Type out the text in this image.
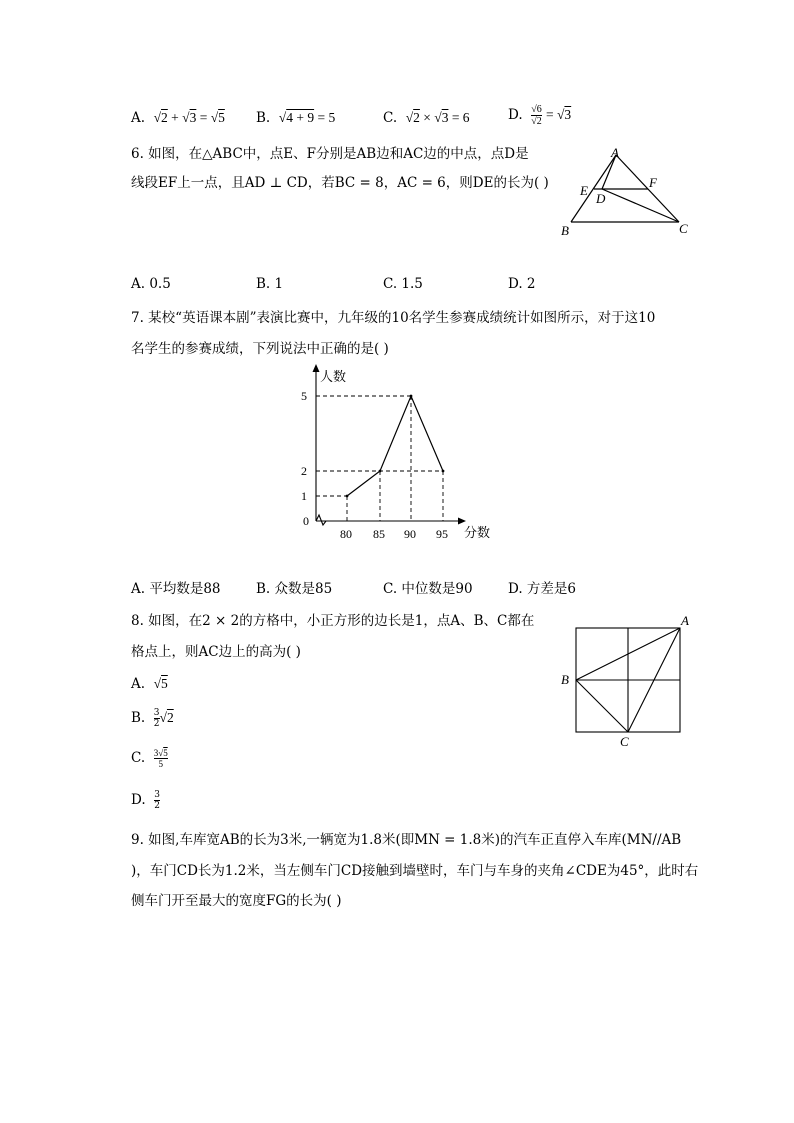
A.  √2 + √3 = √5 B.  √4 + 9 = 5	C.  √2 × √3 = 6	D. $\frac{√6}{√2} = √3$
6. 如图，在△ABC中，点E、F分别是AB边和AC边的中点，点D是
线段EF上一点，且AD ⊥ CD，若BC = 8，AC = 6，则DE的长为( )
A
B	C
D
E
F
A. 0.5	B. 1	C. 1.5	D. 2
7. 某校“英语课本剧”表演比赛中，九年级的10名学生参赛成绩统计如图所示，对于这10
名学生的参赛成绩，下列说法中正确的是( )
80 85 90 95
1
2
5
人数
分数
0
A. 平均数是88	B. 众数是85	C. 中位数是90	D. 方差是6
8. 如图，在2 × 2的方格中，小正方形的边长是1，点A、B、C都在
格点上，则AC边上的高为( )
A.  √5
B. $\frac{3}{2} √2$
C. $\frac{3√5}{5}$
D. $\frac{3}{2}$
A
B
C
9. 如图,车库宽AB的长为3米,一辆宽为1.8米(即MN = 1.8米)的汽车正直停入车库(MN//AB
)，车门CD长为1.2米，当左侧车门CD接触到墙壁时，车门与车身的夹角∠CDE为45°，此时右
侧车门开至最大的宽度FG的长为( )
